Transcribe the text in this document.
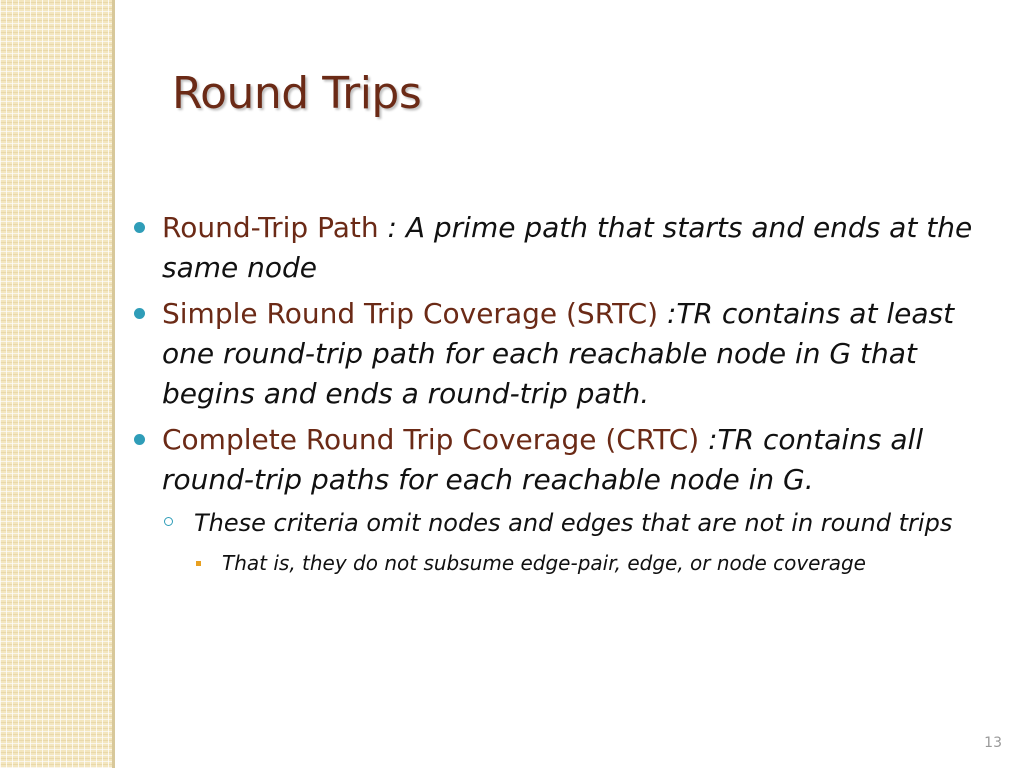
Round Trips
Round-Trip Path : A prime path that starts and ends at the same node
Simple Round Trip Coverage (SRTC) :TR contains at least one round-trip path for each reachable node in G that begins and ends a round-trip path.
Complete Round Trip Coverage (CRTC) :TR contains all round-trip paths for each reachable node in G.
These criteria omit nodes and edges that are not in round trips
That is, they do not subsume edge-pair, edge, or node coverage
13
